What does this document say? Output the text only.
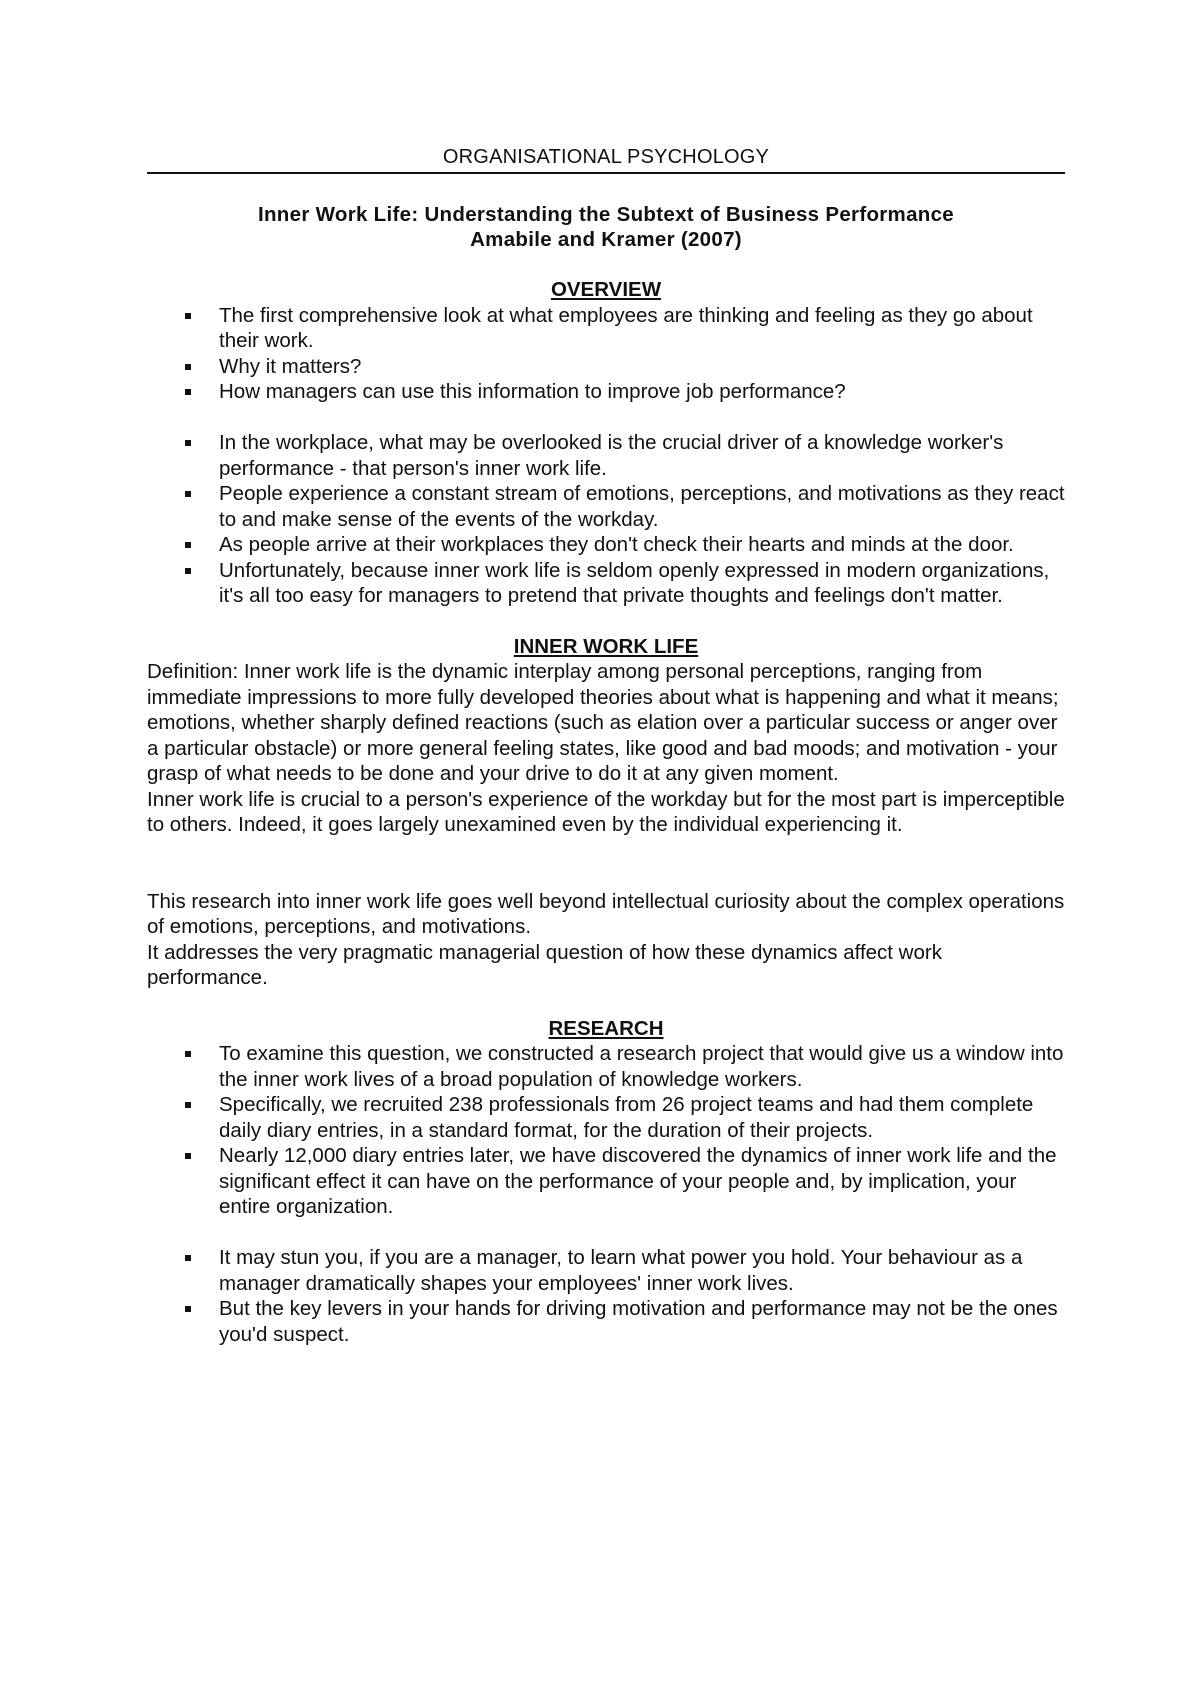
ORGANISATIONAL PSYCHOLOGY
Inner Work Life: Understanding the Subtext of Business Performance
Amabile and Kramer (2007)
OVERVIEW
The first comprehensive look at what employees are thinking and feeling as they go about their work.
Why it matters?
How managers can use this information to improve job performance?
In the workplace, what may be overlooked is the crucial driver of a knowledge worker's performance - that person's inner work life.
People experience a constant stream of emotions, perceptions, and motivations as they react to and make sense of the events of the workday.
As people arrive at their workplaces they don't check their hearts and minds at the door.
Unfortunately, because inner work life is seldom openly expressed in modern organizations, it's all too easy for managers to pretend that private thoughts and feelings don't matter.
INNER WORK LIFE

Definition: Inner work life is the dynamic interplay among personal perceptions, ranging from immediate impressions to more fully developed theories about what is happening and what it means; emotions, whether sharply defined reactions (such as elation over a particular success or anger over a particular obstacle) or more general feeling states, like good and bad moods; and motivation - your grasp of what needs to be done and your drive to do it at any given moment.

Inner work life is crucial to a person's experience of the workday but for the most part is imperceptible to others. Indeed, it goes largely unexamined even by the individual experiencing it.

This research into inner work life goes well beyond intellectual curiosity about the complex operations of emotions, perceptions, and motivations.

It addresses the very pragmatic managerial question of how these dynamics affect work performance.

RESEARCH
To examine this question, we constructed a research project that would give us a window into the inner work lives of a broad population of knowledge workers.
Specifically, we recruited 238 professionals from 26 project teams and had them complete daily diary entries, in a standard format, for the duration of their projects.
Nearly 12,000 diary entries later, we have discovered the dynamics of inner work life and the significant effect it can have on the performance of your people and, by implication, your entire organization.
It may stun you, if you are a manager, to learn what power you hold. Your behaviour as a manager dramatically shapes your employees' inner work lives.
But the key levers in your hands for driving motivation and performance may not be the ones you'd suspect.
